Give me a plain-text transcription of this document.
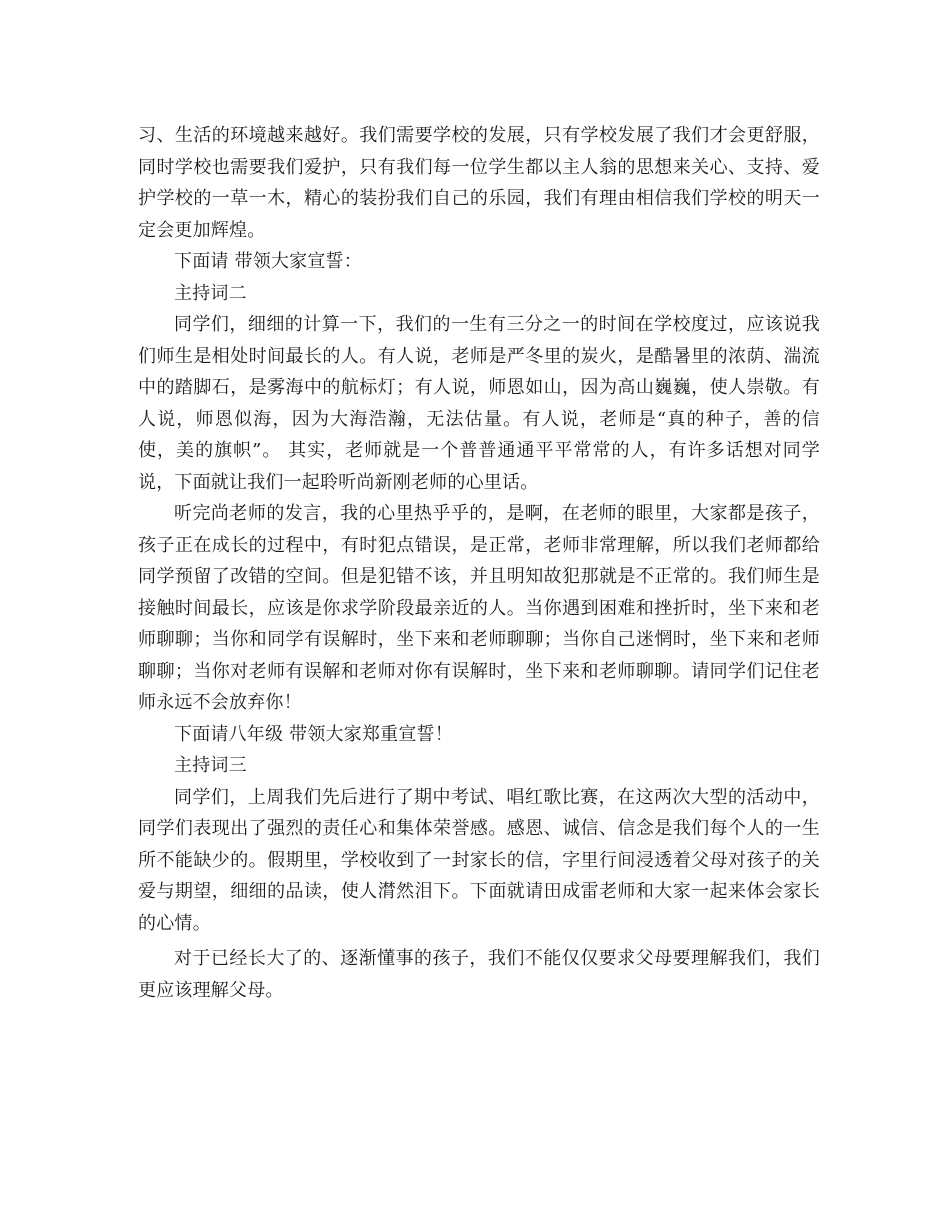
习、生活的环境越来越好。我们需要学校的发展，只有学校发展了我们才会更舒服，同时学校也需要我们爱护，只有我们每一位学生都以主人翁的思想来关心、支持、爱护学校的一草一木，精心的装扮我们自己的乐园，我们有理由相信我们学校的明天一定会更加辉煌。

下面请 带领大家宣誓：

主持词二

同学们，细细的计算一下，我们的一生有三分之一的时间在学校度过，应该说我们师生是相处时间最长的人。有人说，老师是严冬里的炭火，是酷暑里的浓荫、湍流中的踏脚石，是雾海中的航标灯；有人说，师恩如山，因为高山巍巍，使人崇敬。有人说，师恩似海，因为大海浩瀚，无法估量。有人说，老师是“真的种子，善的信使，美的旗帜”。 其实，老师就是一个普普通通平平常常的人，有许多话想对同学说，下面就让我们一起聆听尚新刚老师的心里话。

听完尚老师的发言，我的心里热乎乎的，是啊，在老师的眼里，大家都是孩子，孩子正在成长的过程中，有时犯点错误，是正常，老师非常理解，所以我们老师都给同学预留了改错的空间。但是犯错不该，并且明知故犯那就是不正常的。我们师生是接触时间最长，应该是你求学阶段最亲近的人。当你遇到困难和挫折时，坐下来和老师聊聊；当你和同学有误解时，坐下来和老师聊聊；当你自己迷惘时，坐下来和老师聊聊；当你对老师有误解和老师对你有误解时，坐下来和老师聊聊。请同学们记住老师永远不会放弃你！

下面请八年级 带领大家郑重宣誓！

主持词三

同学们，上周我们先后进行了期中考试、唱红歌比赛，在这两次大型的活动中，同学们表现出了强烈的责任心和集体荣誉感。感恩、诚信、信念是我们每个人的一生所不能缺少的。假期里，学校收到了一封家长的信，字里行间浸透着父母对孩子的关爱与期望，细细的品读，使人潸然泪下。下面就请田成雷老师和大家一起来体会家长的心情。

对于已经长大了的、逐渐懂事的孩子，我们不能仅仅要求父母要理解我们，我们更应该理解父母。
